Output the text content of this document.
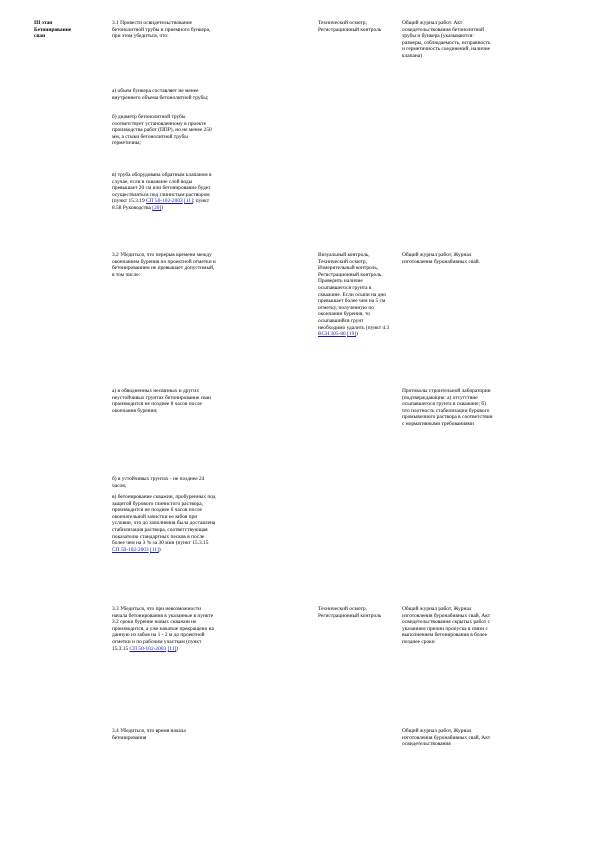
III этап Бетонирование сваи
3.1 Провести освидетельствование бетонолитной трубы и приемного бункера, при этом убедиться, что:
Технический осмотр, Регистрационный контроль
Общий журнал работ. Акт освидетельствования бетонолитной трубы и бункера (указываются: размеры, соблюдаемость, исправность и герметичность соединений, наличие клапана)
а) объем бункера составляет не менее внутреннего объема бетонолитной трубы;
б) диаметр бетонолитной трубы соответствует установленному в проекте производства работ (ППР), но не менее 250 мм, а стыки бетонолитной трубы герметичны;
в) труба оборудована обратным клапаном в случае, если в скважине слой воды превышает 20 см или бетонирование будет осуществляться под глинистым раствором (пункт 15.3.19 СП 50-102-2003 [11]; пункт 8.58 Руководства [20])
3.2 Убедиться, что перерыв времени между окончанием бурения по проектной отметки и бетонированием не превышает допустимый, в том числе:
Визуальный контроль, Технический осмотр, Измерительный контроль, Регистрационный контроль. Проверить наличие осыпавшегося грунта в скважине. Если осыпи на дно превышает более чем на 5 см отметку, полученную по окончании бурения, то осыпавшийся грунт необходимо удалить (пункт 4.3 ВСН 305-86 [19])
Общий журнал работ, Журнал изготовления буронабивных свай.
а) в обводненных несвязных и других неустойчивых грунтах бетонирование сваи производится не позднее 8 часов после окончания бурения;
Протоколы строительной лаборатории (подтверждающие: а) отсутствие осыпавшегося грунта в скважине; б) что плотность стабилизации бурового промывочного раствора в соответствии с нормативными требованиями
б) в устойчивых грунтах - не позднее 24 часов;
в) бетонирование скважин, пробуренных под защитой бурового глинистого раствора, производится не позднее 6 часов после окончательной зачистки ее забоя при условии, что до заполнения была доставлена стабилизация раствора, соответствующая показателю стандартных песков в после более чем на 3 % за 30 мин (пункт 15.3.15 СП 50-102-2003 [11])
3.3 Убедиться, что при невозможности начала бетонирования в указанные в пункте 3.2 сроки бурение новых скважин не производится, а уже начатые прекращено на данную из забоя на 1 - 2 м до проектной отметки и по рабочим участкам (пункт 15.3.15 СП 50-102-2003 [11])
Технический осмотр, Регистрационный контроль
Общий журнал работ, Журнал изготовления буронабивных свай, Акт освидетельствования скрытых работ с указанием причин пропуска в связи с выполнением бетонирования в более позднее сроки
3.4 Убедиться, что время начала бетонирования
Общий журнал работ, Журнал изготовления буронабивных свай, Акт освидетельствования
